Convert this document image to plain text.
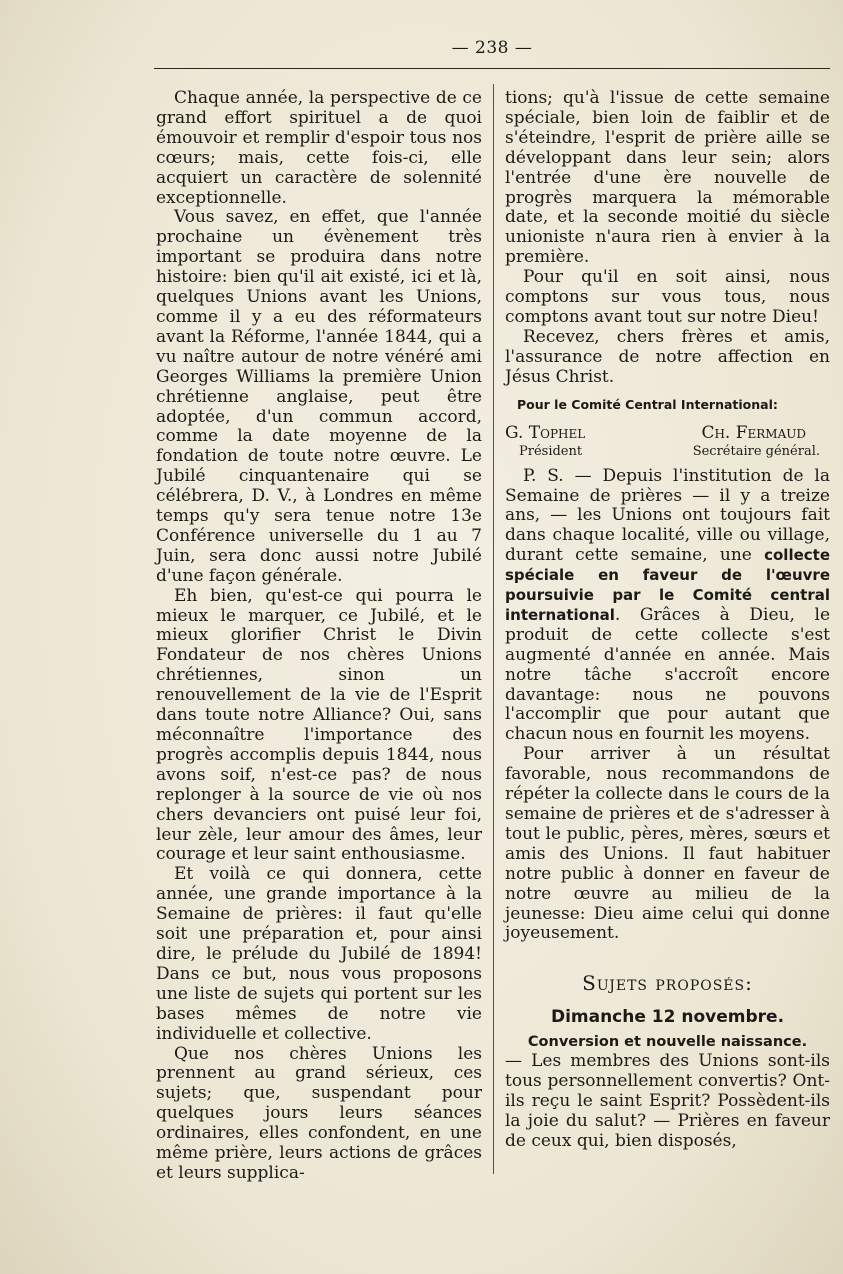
— 238 —

Chaque année, la perspective de ce grand effort spirituel a de quoi émouvoir et remplir d'espoir tous nos cœurs; mais, cette fois-ci, elle acquiert un caractère de solennité exceptionnelle.

Vous savez, en effet, que l'année prochaine un évènement très important se produira dans notre histoire: bien qu'il ait existé, ici et là, quelques Unions avant les Unions, comme il y a eu des réformateurs avant la Réforme, l'année 1844, qui a vu naître autour de notre vénéré ami Georges Williams la première Union chrétienne anglaise, peut être adoptée, d'un commun accord, comme la date moyenne de la fondation de toute notre œuvre. Le Jubilé cinquantenaire qui se célébrera, D. V., à Londres en même temps qu'y sera tenue notre 13e Conférence universelle du 1 au 7 Juin, sera donc aussi notre Jubilé d'une façon générale.

Eh bien, qu'est-ce qui pourra le mieux le marquer, ce Jubilé, et le mieux glorifier Christ le Divin Fondateur de nos chères Unions chrétiennes, sinon un renouvellement de la vie de l'Esprit dans toute notre Alliance? Oui, sans méconnaître l'importance des progrès accomplis depuis 1844, nous avons soif, n'est-ce pas? de nous replonger à la source de vie où nos chers devanciers ont puisé leur foi, leur zèle, leur amour des âmes, leur courage et leur saint enthousiasme.

Et voilà ce qui donnera, cette année, une grande importance à la Semaine de prières: il faut qu'elle soit une préparation et, pour ainsi dire, le prélude du Jubilé de 1894! Dans ce but, nous vous proposons une liste de sujets qui portent sur les bases mêmes de notre vie individuelle et collective.

Que nos chères Unions les prennent au grand sérieux, ces sujets; que, suspendant pour quelques jours leurs séances ordinaires, elles confondent, en une même prière, leurs actions de grâces et leurs supplica-

tions; qu'à l'issue de cette semaine spéciale, bien loin de faiblir et de s'éteindre, l'esprit de prière aille se développant dans leur sein; alors l'entrée d'une ère nouvelle de progrès marquera la mémorable date, et la seconde moitié du siècle unioniste n'aura rien à envier à la première.

Pour qu'il en soit ainsi, nous comptons sur vous tous, nous comptons avant tout sur notre Dieu!

Recevez, chers frères et amis, l'assurance de notre affection en Jésus Christ.

Pour le Comité Central International:
G. Tophel	Ch. Fermaud
Président	Secrétaire général.

P. S. — Depuis l'institution de la Semaine de prières — il y a treize ans, — les Unions ont toujours fait dans chaque localité, ville ou village, durant cette semaine, une collecte spéciale en faveur de l'œuvre poursuivie par le Comité central international. Grâces à Dieu, le produit de cette collecte s'est augmenté d'année en année. Mais notre tâche s'accroît encore davantage: nous ne pouvons l'accomplir que pour autant que chacun nous en fournit les moyens.

Pour arriver à un résultat favorable, nous recommandons de répéter la collecte dans le cours de la semaine de prières et de s'adresser à tout le public, pères, mères, sœurs et amis des Unions. Il faut habituer notre public à donner en faveur de notre œuvre au milieu de la jeunesse: Dieu aime celui qui donne joyeusement.

Sujets proposés:
Dimanche 12 novembre.
Conversion et nouvelle naissance.

— Les membres des Unions sont-ils tous personnellement convertis? Ont-ils reçu le saint Esprit? Possèdent-ils la joie du salut? — Prières en faveur de ceux qui, bien disposés,
